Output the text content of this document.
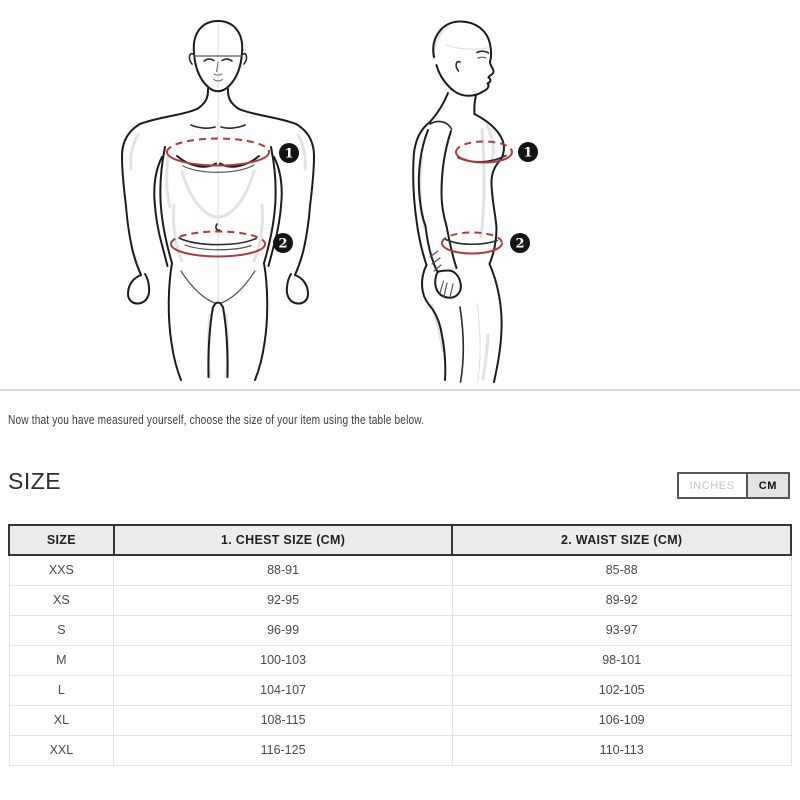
1
2
1
2

Now that you have measured yourself, choose the size of your item using the table below.

SIZE	INCHES	CM
SIZE	1. CHEST SIZE (CM)	2. WAIST SIZE (CM)
XXS	88-91	85-88
XS	92-95	89-92
S	96-99	93-97
M	100-103	98-101
L	104-107	102-105
XL	108-115	106-109
XXL	116-125	110-113
